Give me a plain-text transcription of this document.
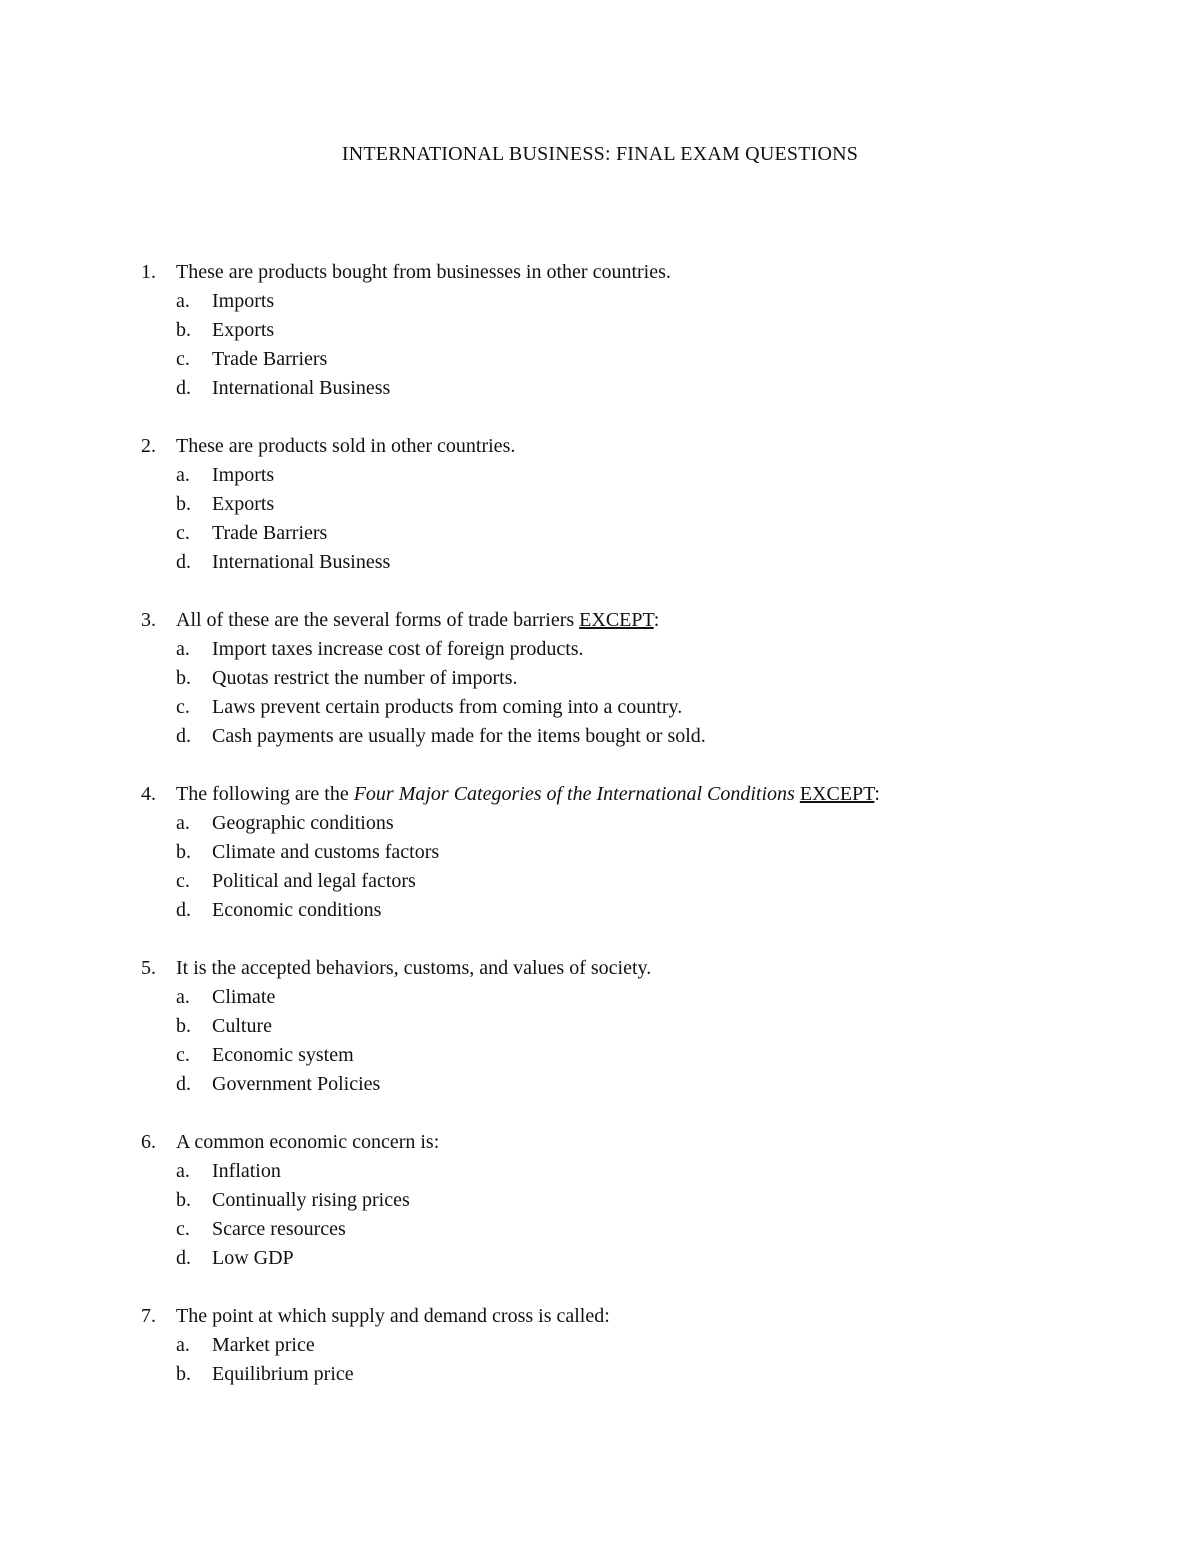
INTERNATIONAL BUSINESS: FINAL EXAM QUESTIONS
1.	These are products bought from businesses in other countries.
a.	Imports
b.	Exports
c.	Trade Barriers
d.	International Business
2.	These are products sold in other countries.
a.	Imports
b.	Exports
c.	Trade Barriers
d.	International Business
3.	All of these are the several forms of trade barriers EXCEPT:
a.	Import taxes increase cost of foreign products.
b.	Quotas restrict the number of imports.
c.	Laws prevent certain products from coming into a country.
d.	Cash payments are usually made for the items bought or sold.
4.	The following are the Four Major Categories of the International Conditions EXCEPT:
a.	Geographic conditions
b.	Climate and customs factors
c.	Political and legal factors
d.	Economic conditions
5.	It is the accepted behaviors, customs, and values of society.
a.	Climate
b.	Culture
c.	Economic system
d.	Government Policies
6.	A common economic concern is:
a.	Inflation
b.	Continually rising prices
c.	Scarce resources
d.	Low GDP
7.	The point at which supply and demand cross is called:
a.	Market price
b.	Equilibrium price
